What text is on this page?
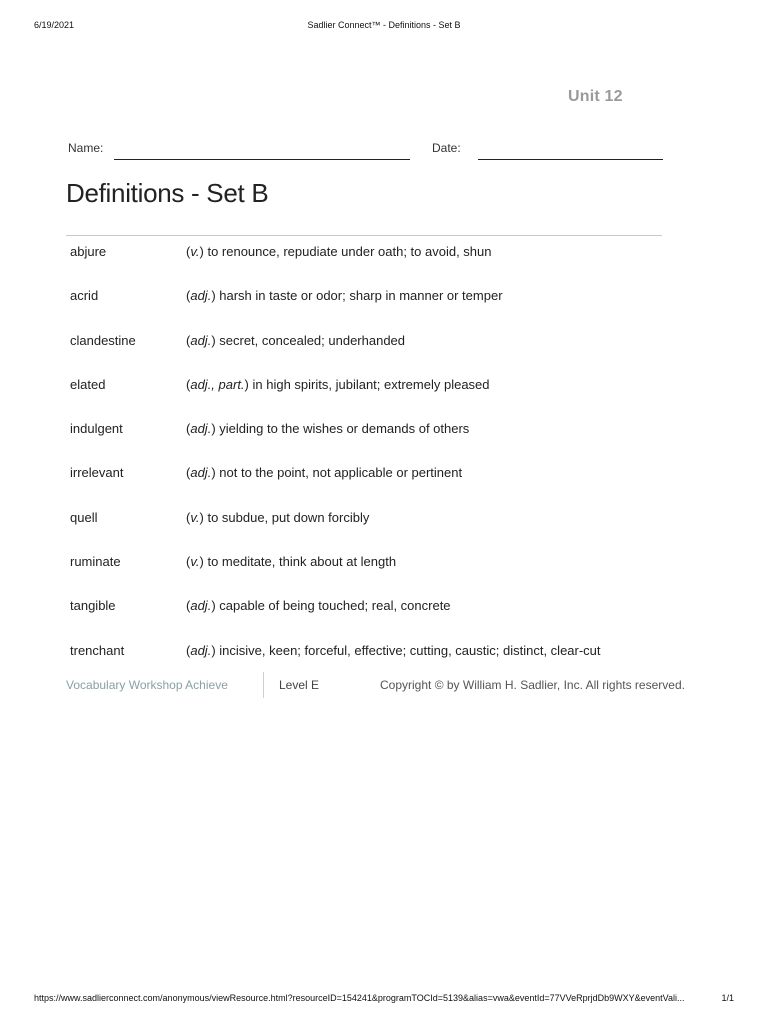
6/19/2021	Sadlier Connect™ - Definitions - Set B
Unit 12
Name:	Date:
Definitions - Set B
abjure	(v.) to renounce, repudiate under oath; to avoid, shun
acrid	(adj.) harsh in taste or odor; sharp in manner or temper
clandestine	(adj.) secret, concealed; underhanded
elated	(adj., part.) in high spirits, jubilant; extremely pleased
indulgent	(adj.) yielding to the wishes or demands of others
irrelevant	(adj.) not to the point, not applicable or pertinent
quell	(v.) to subdue, put down forcibly
ruminate	(v.) to meditate, think about at length
tangible	(adj.) capable of being touched; real, concrete
trenchant	(adj.) incisive, keen; forceful, effective; cutting, caustic; distinct, clear-cut
Vocabulary Workshop Achieve	Level E	Copyright © by William H. Sadlier, Inc. All rights reserved.
https://www.sadlierconnect.com/anonymous/viewResource.html?resourceID=154241&programTOCId=5139&alias=vwa&eventId=77VVeRprjdDb9WXY&eventVali...	1/1
